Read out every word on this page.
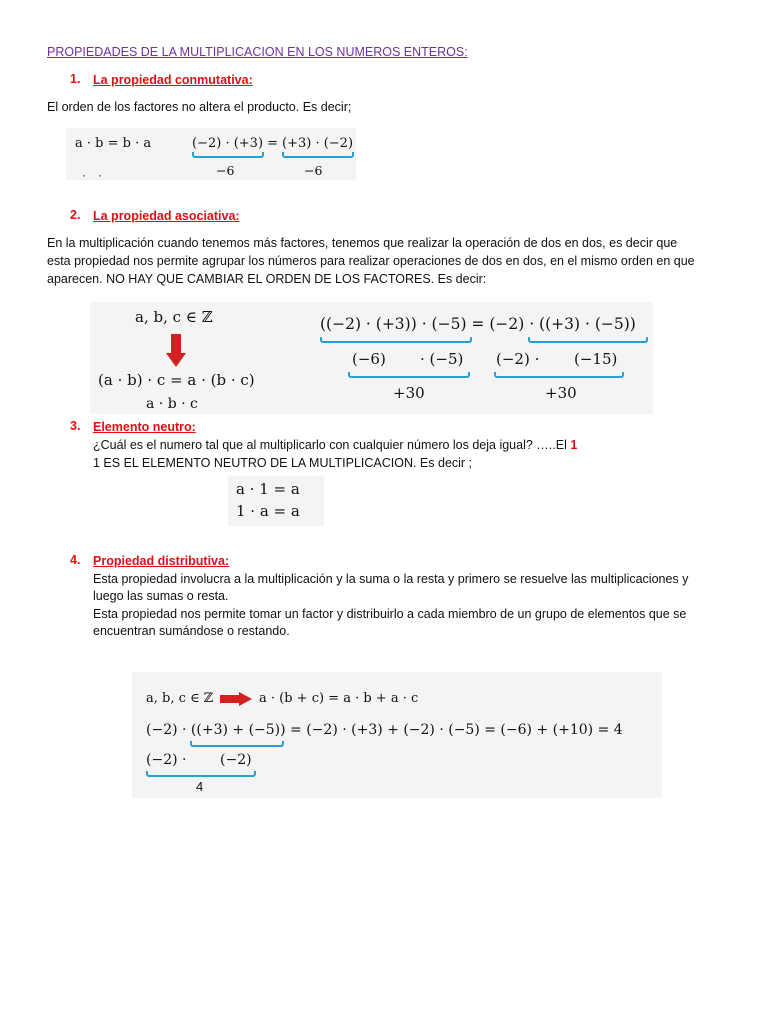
PROPIEDADES DE LA MULTIPLICACION EN LOS NUMEROS ENTEROS:
1. La propiedad conmutativa:
El orden de los factores no altera el producto. Es decir;
a · b = b · a	(−2) · (+3) = (+3) · (−2)
−6	−6
· ·
2. La propiedad asociativa:
En la multiplicación cuando tenemos más factores, tenemos que realizar la operación de dos en dos, es decir que
esta propiedad nos permite agrupar los números para realizar operaciones de dos en dos, en el mismo orden en que
aparecen. NO HAY QUE CAMBIAR EL ORDEN DE LOS FACTORES. Es decir:
a, b, c ∈ ℤ
(a · b) · c = a · (b · c)
a · b · c
((−2) · (+3)) · (−5) = (−2) · ((+3) · (−5))
(−6) · (−5) (−2) · (−15)
+30	+30
3. Elemento neutro:
¿Cuál es el numero tal que al multiplicarlo con cualquier número los deja igual? …..El 1
1 ES EL ELEMENTO NEUTRO DE LA MULTIPLICACION. Es decir ;
a · 1 = a
1 · a = a
4. Propiedad distributiva:
Esta propiedad involucra a la multiplicación y la suma o la resta y primero se resuelve las multiplicaciones y
luego las sumas o resta.
Esta propiedad nos permite tomar un factor y distribuirlo a cada miembro de un grupo de elementos que se
encuentran sumándose o restando.
a, b, c ∈ ℤ	a · (b + c) = a · b + a · c
(−2) · ((+3) + (−5)) = (−2) · (+3) + (−2) · (−5) = (−6) + (+10) = 4
(−2) · (−2)
4
